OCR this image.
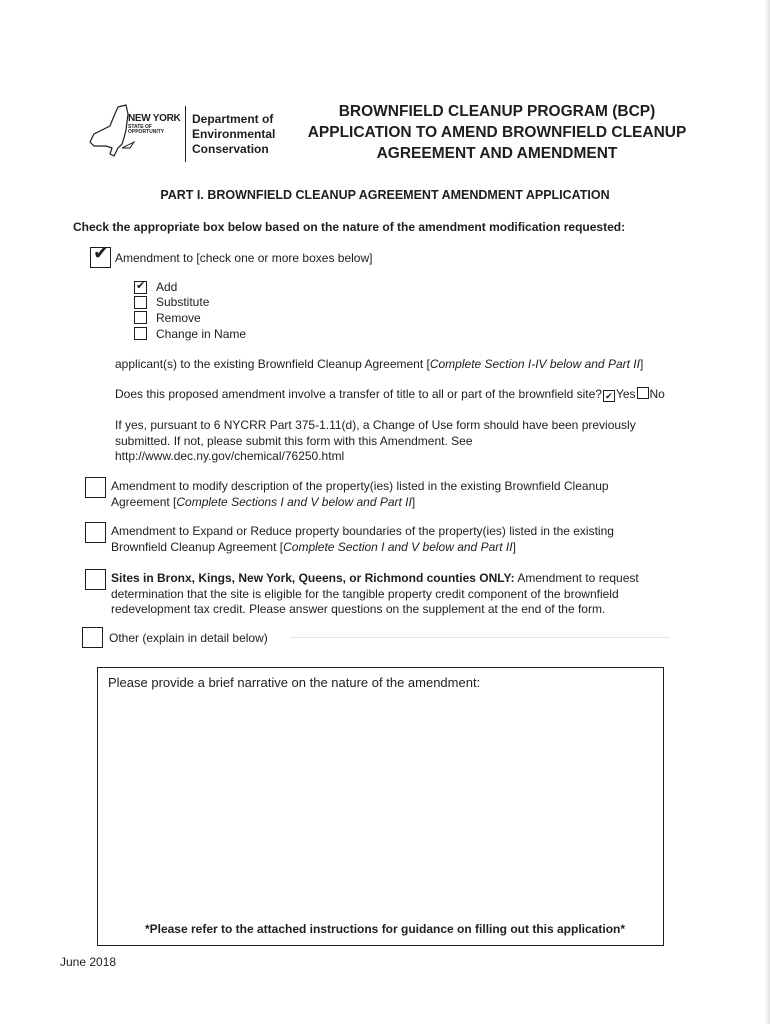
NEW YORK
STATE OF OPPORTUNITY
Department of
Environmental
Conservation
BROWNFIELD CLEANUP PROGRAM (BCP)
APPLICATION TO AMEND BROWNFIELD CLEANUP
AGREEMENT AND AMENDMENT
PART I. BROWNFIELD CLEANUP AGREEMENT AMENDMENT APPLICATION
Check the appropriate box below based on the nature of the amendment modification requested:
✔ Amendment to [check one or more boxes below]
✔ Add
Substitute
Remove
Change in Name
applicant(s) to the existing Brownfield Cleanup Agreement [Complete Section I-IV below and Part II]
Does this proposed amendment involve a transfer of title to all or part of the brownfield site? ✔ Yes No
If yes, pursuant to 6 NYCRR Part 375-1.11(d), a Change of Use form should have been previously
submitted. If not, please submit this form with this Amendment. See
http://www.dec.ny.gov/chemical/76250.html
Amendment to modify description of the property(ies) listed in the existing Brownfield Cleanup
Agreement [Complete Sections I and V below and Part II]
Amendment to Expand or Reduce property boundaries of the property(ies) listed in the existing
Brownfield Cleanup Agreement [Complete Section I and V below and Part II]
Sites in Bronx, Kings, New York, Queens, or Richmond counties ONLY: Amendment to request
determination that the site is eligible for the tangible property credit component of the brownfield
redevelopment tax credit. Please answer questions on the supplement at the end of the form.
Other (explain in detail below)
Please provide a brief narrative on the nature of the amendment:
*Please refer to the attached instructions for guidance on filling out this application*
June 2018
